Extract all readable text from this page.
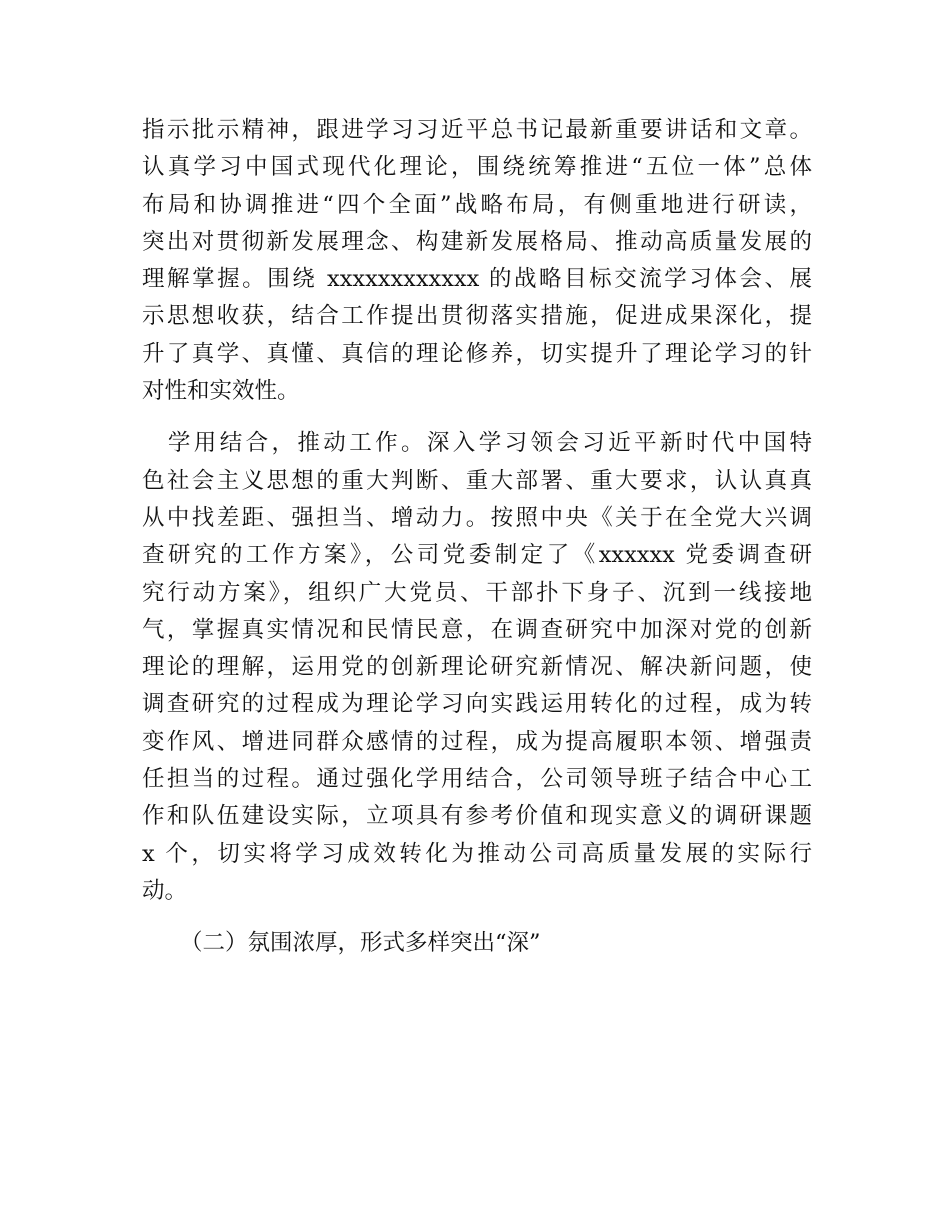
指示批示精神，跟进学习习近平总书记最新重要讲话和文章。
认真学习中国式现代化理论，围绕统筹推进“五位一体”总体
布局和协调推进“四个全面”战略布局，有侧重地进行研读，
突出对贯彻新发展理念、构建新发展格局、推动高质量发展的
理解掌握。围绕 xxxxxxxxxxxx 的战略目标交流学习体会、展
示思想收获，结合工作提出贯彻落实措施，促进成果深化，提
升了真学、真懂、真信的理论修养，切实提升了理论学习的针
对性和实效性。
　学用结合，推动工作。深入学习领会习近平新时代中国特
色社会主义思想的重大判断、重大部署、重大要求，认认真真
从中找差距、强担当、增动力。按照中央《关于在全党大兴调
查研究的工作方案》，公司党委制定了《xxxxxx 党委调查研
究行动方案》，组织广大党员、干部扑下身子、沉到一线接地
气，掌握真实情况和民情民意，在调查研究中加深对党的创新
理论的理解，运用党的创新理论研究新情况、解决新问题，使
调查研究的过程成为理论学习向实践运用转化的过程，成为转
变作风、增进同群众感情的过程，成为提高履职本领、增强责
任担当的过程。通过强化学用结合，公司领导班子结合中心工
作和队伍建设实际，立项具有参考价值和现实意义的调研课题
x 个，切实将学习成效转化为推动公司高质量发展的实际行
动。
（二）氛围浓厚，形式多样突出“深”
